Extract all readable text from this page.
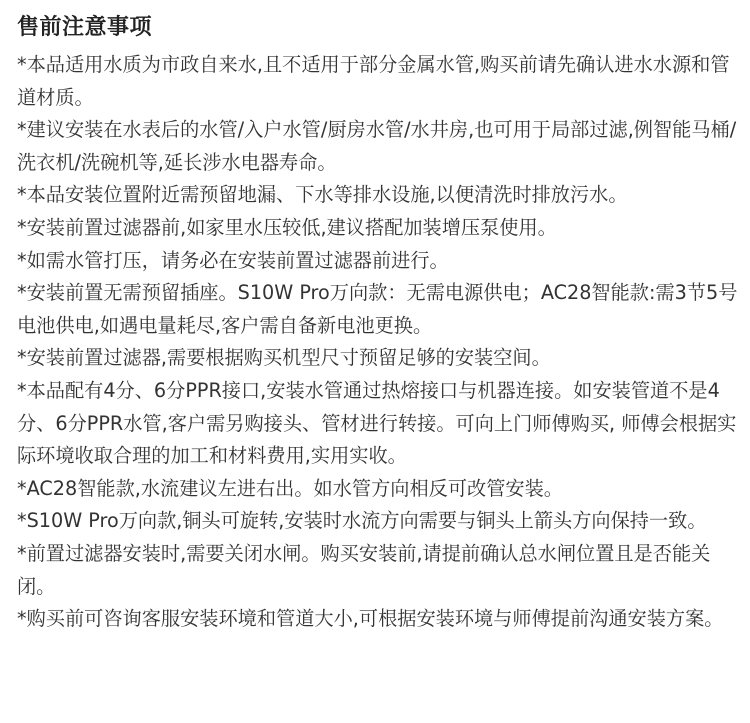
售前注意事项
*本品适用水质为市政自来水,且不适用于部分金属水管,购买前请先确认进水水源和管道材质。
*建议安装在水表后的水管/入户水管/厨房水管/水井房,也可用于局部过滤,例智能马桶/洗衣机/洗碗机等,延长涉水电器寿命。
*本品安装位置附近需预留地漏、下水等排水设施,以便清洗时排放污水。
*安装前置过滤器前,如家里水压较低,建议搭配加装增压泵使用。
*如需水管打压，请务必在安装前置过滤器前进行。
*安装前置无需预留插座。S10W Pro万向款：无需电源供电；AC28智能款:需3节5号电池供电,如遇电量耗尽,客户需自备新电池更换。
*安装前置过滤器,需要根据购买机型尺寸预留足够的安装空间。
*本品配有4分、6分PPR接口,安装水管通过热熔接口与机器连接。如安装管道不是4分、6分PPR水管,客户需另购接头、管材进行转接。可向上门师傅购买, 师傅会根据实际环境收取合理的加工和材料费用,实用实收。
*AC28智能款,水流建议左进右出。如水管方向相反可改管安装。
*S10W Pro万向款,铜头可旋转,安装时水流方向需要与铜头上箭头方向保持一致。
*前置过滤器安装时,需要关闭水闸。购买安装前,请提前确认总水闸位置且是否能关闭。
*购买前可咨询客服安装环境和管道大小,可根据安装环境与师傅提前沟通安装方案。
